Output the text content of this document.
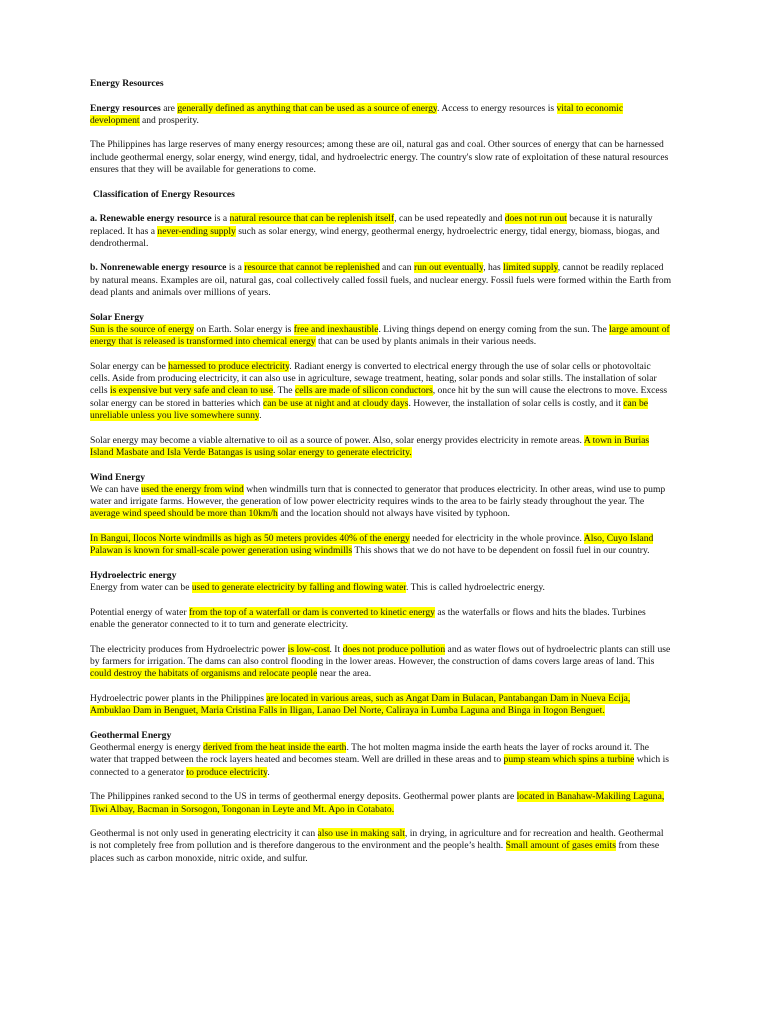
Energy Resources

Energy resources are generally defined as anything that can be used as a source of energy. Access to energy resources is vital to economic development and prosperity.

The Philippines has large reserves of many energy resources; among these are oil, natural gas and coal. Other sources of energy that can be harnessed include geothermal energy, solar energy, wind energy, tidal, and hydroelectric energy. The country's slow rate of exploitation of these natural resources ensures that they will be available for generations to come.

Classification of Energy Resources

a. Renewable energy resource is a natural resource that can be replenish itself, can be used repeatedly and does not run out because it is naturally replaced. It has a never-ending supply such as solar energy, wind energy, geothermal energy, hydroelectric energy, tidal energy, biomass, biogas, and dendrothermal.

b. Nonrenewable energy resource is a resource that cannot be replenished and can run out eventually, has limited supply, cannot be readily replaced by natural means. Examples are oil, natural gas, coal collectively called fossil fuels, and nuclear energy. Fossil fuels were formed within the Earth from dead plants and animals over millions of years.

Solar Energy

Sun is the source of energy on Earth. Solar energy is free and inexhaustible. Living things depend on energy coming from the sun. The large amount of energy that is released is transformed into chemical energy that can be used by plants animals in their various needs.

Solar energy can be harnessed to produce electricity. Radiant energy is converted to electrical energy through the use of solar cells or photovoltaic cells. Aside from producing electricity, it can also use in agriculture, sewage treatment, heating, solar ponds and solar stills. The installation of solar cells is expensive but very safe and clean to use. The cells are made of silicon conductors, once hit by the sun will cause the electrons to move. Excess solar energy can be stored in batteries which can be use at night and at cloudy days. However, the installation of solar cells is costly, and it can be unreliable unless you live somewhere sunny.

Solar energy may become a viable alternative to oil as a source of power. Also, solar energy provides electricity in remote areas. A town in Burias Island Masbate and Isla Verde Batangas is using solar energy to generate electricity.

Wind Energy

We can have used the energy from wind when windmills turn that is connected to generator that produces electricity. In other areas, wind use to pump water and irrigate farms. However, the generation of low power electricity requires winds to the area to be fairly steady throughout the year. The average wind speed should be more than 10km/h and the location should not always have visited by typhoon.

In Bangui, Ilocos Norte windmills as high as 50 meters provides 40% of the energy needed for electricity in the whole province. Also, Cuyo Island Palawan is known for small-scale power generation using windmills This shows that we do not have to be dependent on fossil fuel in our country.

Hydroelectric energy

Energy from water can be used to generate electricity by falling and flowing water. This is called hydroelectric energy.

Potential energy of water from the top of a waterfall or dam is converted to kinetic energy as the waterfalls or flows and hits the blades. Turbines enable the generator connected to it to turn and generate electricity.

The electricity produces from Hydroelectric power is low-cost. It does not produce pollution and as water flows out of hydroelectric plants can still use by farmers for irrigation. The dams can also control flooding in the lower areas. However, the construction of dams covers large areas of land. This could destroy the habitats of organisms and relocate people near the area.

Hydroelectric power plants in the Philippines are located in various areas, such as Angat Dam in Bulacan, Pantabangan Dam in Nueva Ecija, Ambuklao Dam in Benguet, Maria Cristina Falls in Iligan, Lanao Del Norte, Caliraya in Lumba Laguna and Binga in Itogon Benguet.

Geothermal Energy

Geothermal energy is energy derived from the heat inside the earth. The hot molten magma inside the earth heats the layer of rocks around it. The water that trapped between the rock layers heated and becomes steam. Well are drilled in these areas and to pump steam which spins a turbine which is connected to a generator to produce electricity.

The Philippines ranked second to the US in terms of geothermal energy deposits. Geothermal power plants are located in Banahaw-Makiling Laguna, Tiwi Albay, Bacman in Sorsogon, Tongonan in Leyte and Mt. Apo in Cotabato.

Geothermal is not only used in generating electricity it can also use in making salt, in drying, in agriculture and for recreation and health. Geothermal is not completely free from pollution and is therefore dangerous to the environment and the people’s health. Small amount of gases emits from these places such as carbon monoxide, nitric oxide, and sulfur.
